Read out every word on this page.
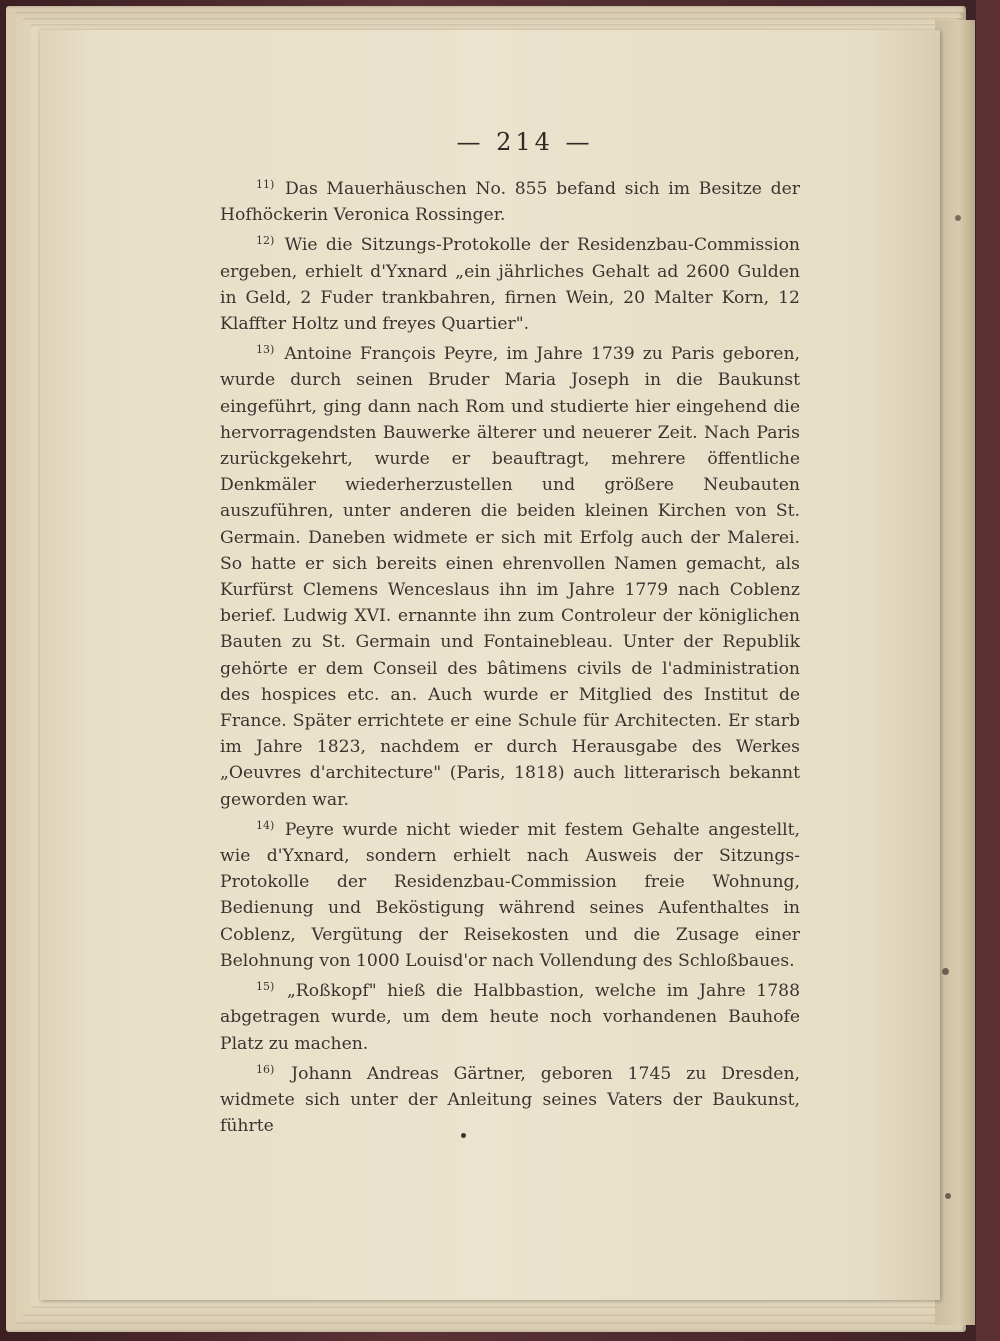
— 214 —

$^{11)}$ Das Mauerhäuschen No. 855 befand sich im Besitze der Hofhöckerin Veronica Rossinger.

$^{12)}$ Wie die Sitzungs-Protokolle der Residenzbau-Commission ergeben, erhielt d'Yxnard „ein jährliches Gehalt ad 2600 Gulden in Geld, 2 Fuder trankbahren, firnen Wein, 20 Malter Korn, 12 Klaffter Holtz und freyes Quartier".

$^{13)}$ Antoine François Peyre, im Jahre 1739 zu Paris geboren, wurde durch seinen Bruder Maria Joseph in die Baukunst eingeführt, ging dann nach Rom und studierte hier eingehend die hervorragendsten Bauwerke älterer und neuerer Zeit. Nach Paris zurückgekehrt, wurde er beauftragt, mehrere öffentliche Denkmäler wiederherzustellen und größere Neubauten auszuführen, unter anderen die beiden kleinen Kirchen von St. Germain. Daneben widmete er sich mit Erfolg auch der Malerei. So hatte er sich bereits einen ehrenvollen Namen gemacht, als Kurfürst Clemens Wenceslaus ihn im Jahre 1779 nach Coblenz berief. Ludwig XVI. ernannte ihn zum Controleur der königlichen Bauten zu St. Germain und Fontainebleau. Unter der Republik gehörte er dem Conseil des bâtimens civils de l'administration des hospices etc. an. Auch wurde er Mitglied des Institut de France. Später errichtete er eine Schule für Architecten. Er starb im Jahre 1823, nachdem er durch Herausgabe des Werkes „Oeuvres d'architecture" (Paris, 1818) auch litterarisch bekannt geworden war.

$^{14)}$ Peyre wurde nicht wieder mit festem Gehalte angestellt, wie d'Yxnard, sondern erhielt nach Ausweis der Sitzungs-Protokolle der Residenzbau-Commission freie Wohnung, Bedienung und Beköstigung während seines Aufenthaltes in Coblenz, Vergütung der Reisekosten und die Zusage einer Belohnung von 1000 Louisd'or nach Vollendung des Schloßbaues.

$^{15)}$ „Roßkopf" hieß die Halbbastion, welche im Jahre 1788 abgetragen wurde, um dem heute noch vorhandenen Bauhofe Platz zu machen.

$^{16)}$ Johann Andreas Gärtner, geboren 1745 zu Dresden, widmete sich unter der Anleitung seines Vaters der Baukunst, führte
